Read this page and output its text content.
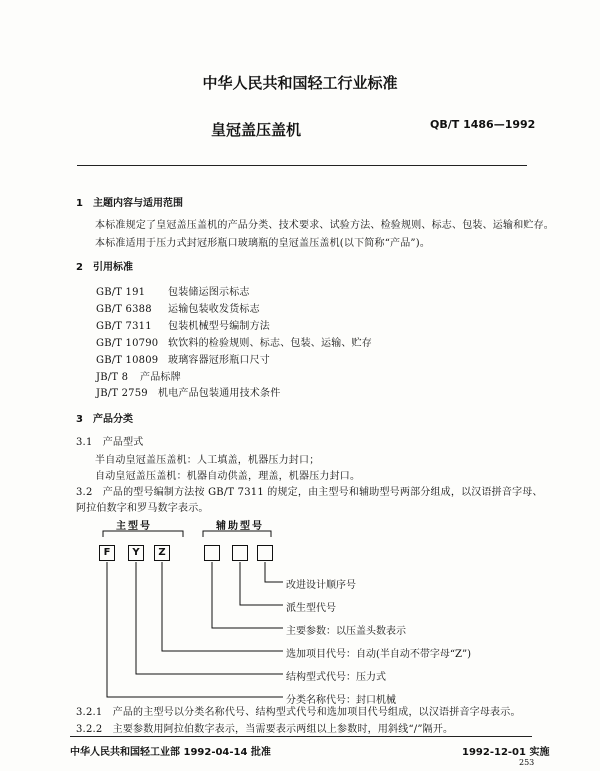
中华人民共和国轻工行业标准
皇冠盖压盖机	QB/T 1486—1992
1　主题内容与适用范围
本标准规定了皇冠盖压盖机的产品分类、技术要求、试验方法、检验规则、标志、包装、运输和贮存。
本标准适用于压力式封冠形瓶口玻璃瓶的皇冠盖压盖机(以下简称“产品”)。
2　引用标准
GB/T 191 包装储运图示标志
GB/T 6388 运输包装收发货标志
GB/T 7311 包装机械型号编制方法
GB/T 10790 软饮料的检验规则、标志、包装、运输、贮存
GB/T 10809 玻璃容器冠形瓶口尺寸
JB/T 8 产品标牌
JB/T 2759 机电产品包装通用技术条件
3　产品分类
3.1　产品型式
半自动皇冠盖压盖机：人工填盖，机器压力封口；
自动皇冠盖压盖机：机器自动供盖，理盖，机器压力封口。
3.2　产品的型号编制方法按 GB/T 7311 的规定，由主型号和辅助型号两部分组成，以汉语拼音字母、
阿拉伯数字和罗马数字表示。
主型号	辅助型号
F	Y	Z
改进设计顺序号
派生型代号
主要参数：以压盖头数表示
选加项目代号：自动(半自动不带字母“Z”)
结构型式代号：压力式
分类名称代号：封口机械
3.2.1　产品的主型号以分类名称代号、结构型式代号和选加项目代号组成，以汉语拼音字母表示。
3.2.2　主要参数用阿拉伯数字表示，当需要表示两组以上参数时，用斜线“/”隔开。
中华人民共和国轻工业部 1992-04-14 批准	1992-12-01 实施
253
